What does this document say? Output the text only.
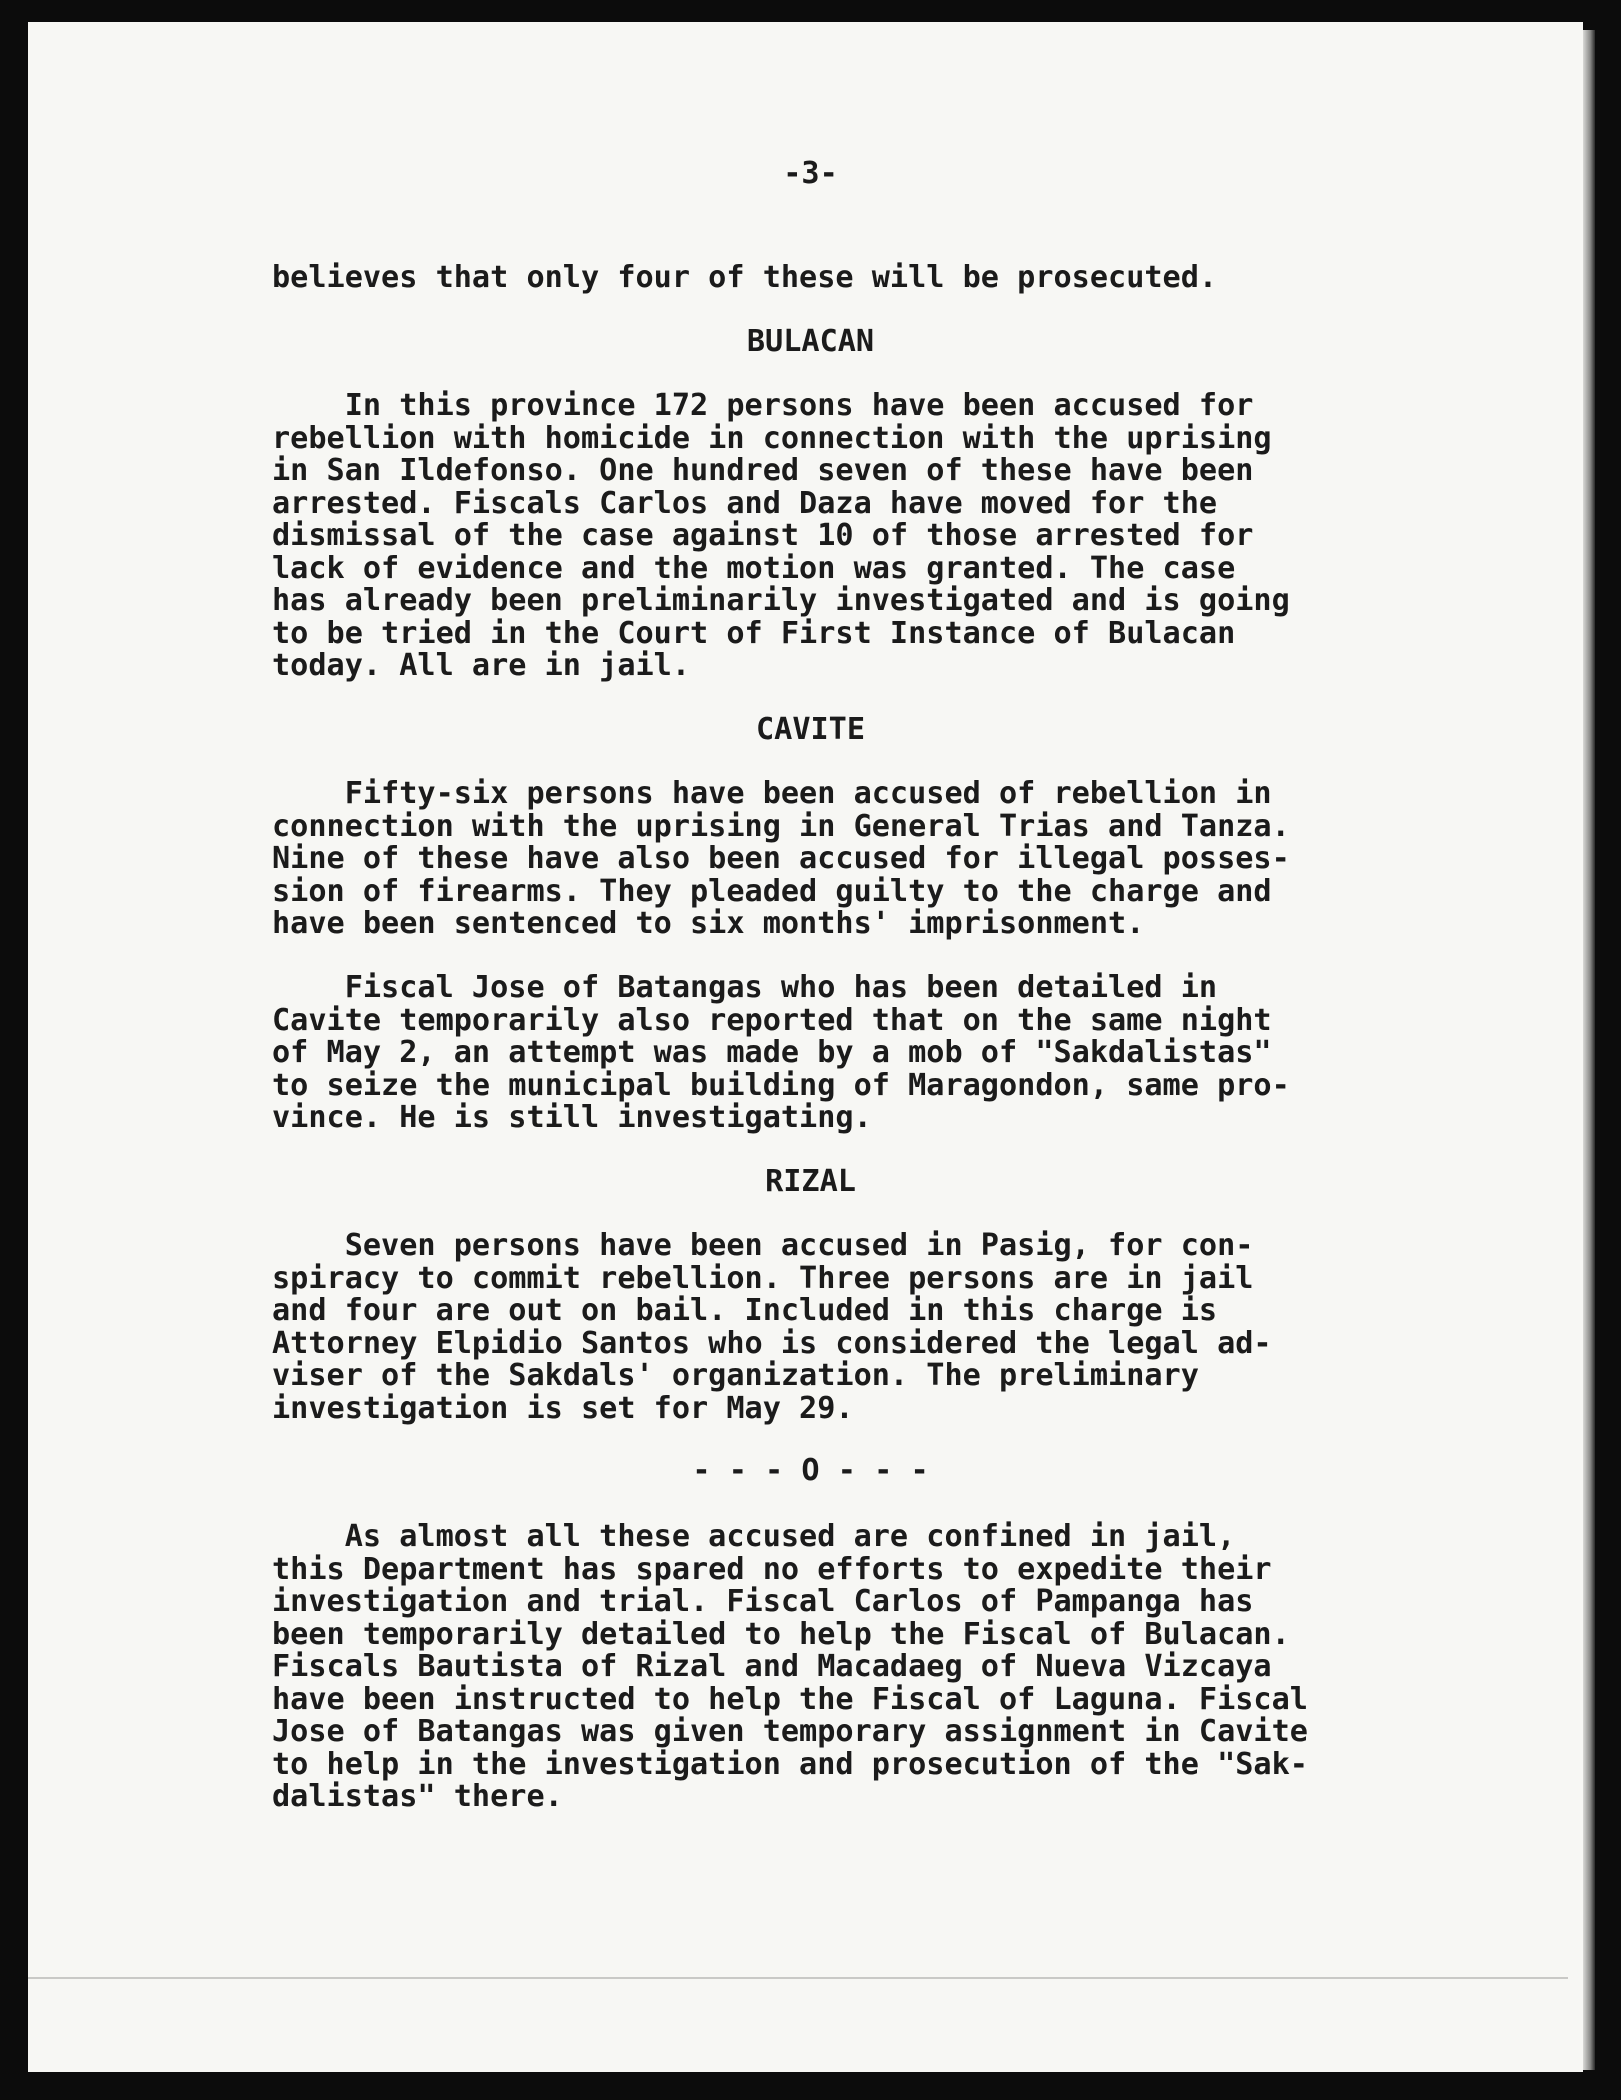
-3-
believes that only four of these will be prosecuted.
BULACAN
In this province 172 persons have been accused for
rebellion with homicide in connection with the uprising
in San Ildefonso. One hundred seven of these have been
arrested. Fiscals Carlos and Daza have moved for the
dismissal of the case against 10 of those arrested for
lack of evidence and the motion was granted. The case
has already been preliminarily investigated and is going
to be tried in the Court of First Instance of Bulacan
today. All are in jail.
CAVITE
Fifty-six persons have been accused of rebellion in
connection with the uprising in General Trias and Tanza.
Nine of these have also been accused for illegal posses-
sion of firearms. They pleaded guilty to the charge and
have been sentenced to six months' imprisonment.
Fiscal Jose of Batangas who has been detailed in
Cavite temporarily also reported that on the same night
of May 2, an attempt was made by a mob of "Sakdalistas"
to seize the municipal building of Maragondon, same pro-
vince. He is still investigating.
RIZAL
Seven persons have been accused in Pasig, for con-
spiracy to commit rebellion. Three persons are in jail
and four are out on bail. Included in this charge is
Attorney Elpidio Santos who is considered the legal ad-
viser of the Sakdals' organization. The preliminary
investigation is set for May 29.
- - - O - - -
As almost all these accused are confined in jail,
this Department has spared no efforts to expedite their
investigation and trial. Fiscal Carlos of Pampanga has
been temporarily detailed to help the Fiscal of Bulacan.
Fiscals Bautista of Rizal and Macadaeg of Nueva Vizcaya
have been instructed to help the Fiscal of Laguna. Fiscal
Jose of Batangas was given temporary assignment in Cavite
to help in the investigation and prosecution of the "Sak-
dalistas" there.
